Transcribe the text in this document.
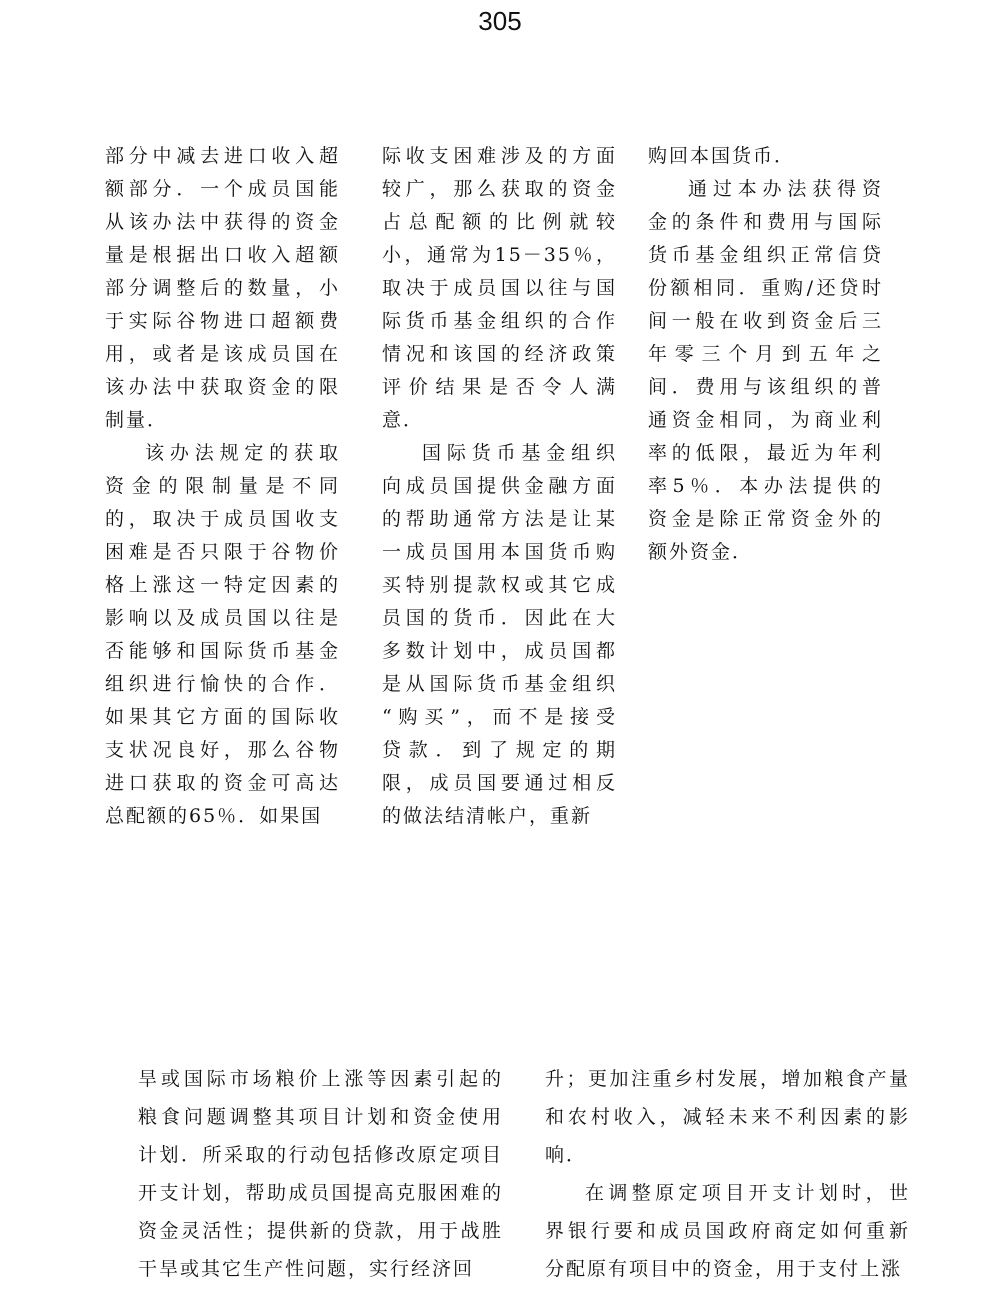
305

部分中减去进口收入超
额部分．一个成员国能
从该办法中获得的资金
量是根据出口收入超额
部分调整后的数量，小
于实际谷物进口超额费
用，或者是该成员国在
该办法中获取资金的限
制量．

该办法规定的获取
资金的限制量是不同
的，取决于成员国收支
困难是否只限于谷物价
格上涨这一特定因素的
影响以及成员国以往是
否能够和国际货币基金
组织进行愉快的合作．
如果其它方面的国际收
支状况良好，那么谷物
进口获取的资金可高达
总配额的65％．如果国

际收支困难涉及的方面
较广，那么获取的资金
占总配额的比例就较
小，通常为15－35％，
取决于成员国以往与国
际货币基金组织的合作
情况和该国的经济政策
评价结果是否令人满
意．

国际货币基金组织
向成员国提供金融方面
的帮助通常方法是让某
一成员国用本国货币购
买特别提款权或其它成
员国的货币．因此在大
多数计划中，成员国都
是从国际货币基金组织
“购买”，而不是接受
贷款．到了规定的期
限，成员国要通过相反
的做法结清帐户，重新

购回本国货币．

通过本办法获得资
金的条件和费用与国际
货币基金组织正常信贷
份额相同．重购/还贷时
间一般在收到资金后三
年零三个月到五年之
间．费用与该组织的普
通资金相同，为商业利
率的低限，最近为年利
率5％．本办法提供的
资金是除正常资金外的
额外资金．

旱或国际市场粮价上涨等因素引起的
粮食问题调整其项目计划和资金使用
计划．所采取的行动包括修改原定项目
开支计划，帮助成员国提高克服困难的
资金灵活性；提供新的贷款，用于战胜
干旱或其它生产性问题，实行经济回

升；更加注重乡村发展，增加粮食产量
和农村收入，减轻未来不利因素的影
响．

在调整原定项目开支计划时，世
界银行要和成员国政府商定如何重新
分配原有项目中的资金，用于支付上涨
